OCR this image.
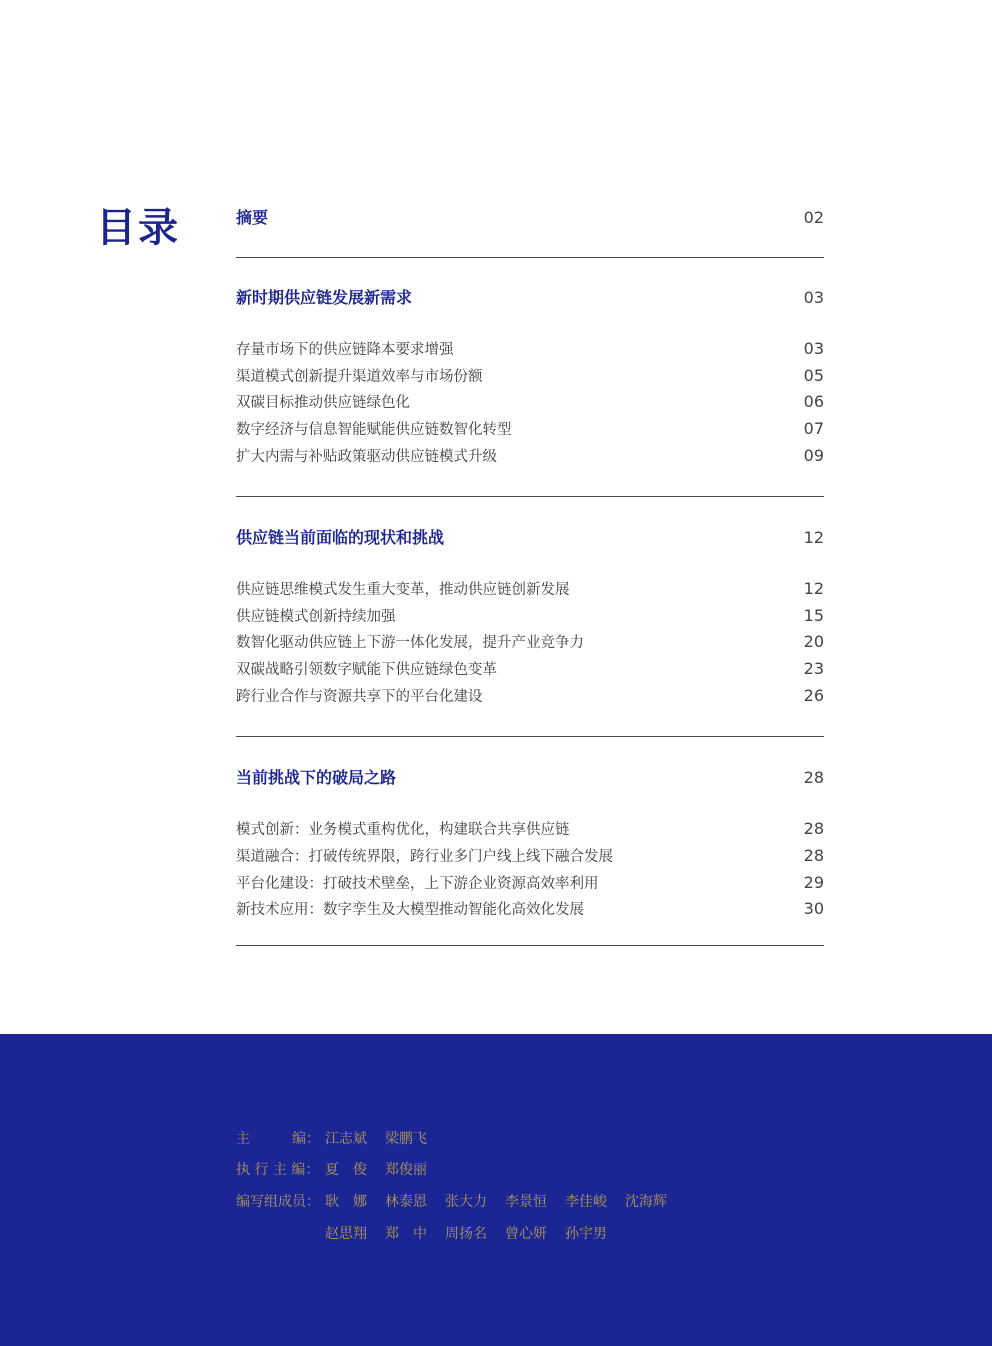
目录	摘要	02
新时期供应链发展新需求	03
存量市场下的供应链降本要求增强	03
渠道模式创新提升渠道效率与市场份额	05
双碳目标推动供应链绿色化	06
数字经济与信息智能赋能供应链数智化转型	07
扩大内需与补贴政策驱动供应链模式升级	09
供应链当前面临的现状和挑战	12
供应链思维模式发生重大变革，推动供应链创新发展	12
供应链模式创新持续加强	15
数智化驱动供应链上下游一体化发展，提升产业竞争力	20
双碳战略引领数字赋能下供应链绿色变革	23
跨行业合作与资源共享下的平台化建设	26
当前挑战下的破局之路	28
模式创新：业务模式重构优化，构建联合共享供应链	28
渠道融合：打破传统界限，跨行业多门户线上线下融合发展	28
平台化建设：打破技术壁垒，上下游企业资源高效率利用	29
新技术应用：数字孪生及大模型推动智能化高效化发展	30
主　　　编： 江志斌 梁鹏飞
执 行 主 编： 夏　俊 郑俊丽
编写组成员： 耿　娜 林泰恩 张大力 李景恒 李佳峻 沈海辉
赵思翔 郑　中 周扬名 曾心妍 孙宇男
